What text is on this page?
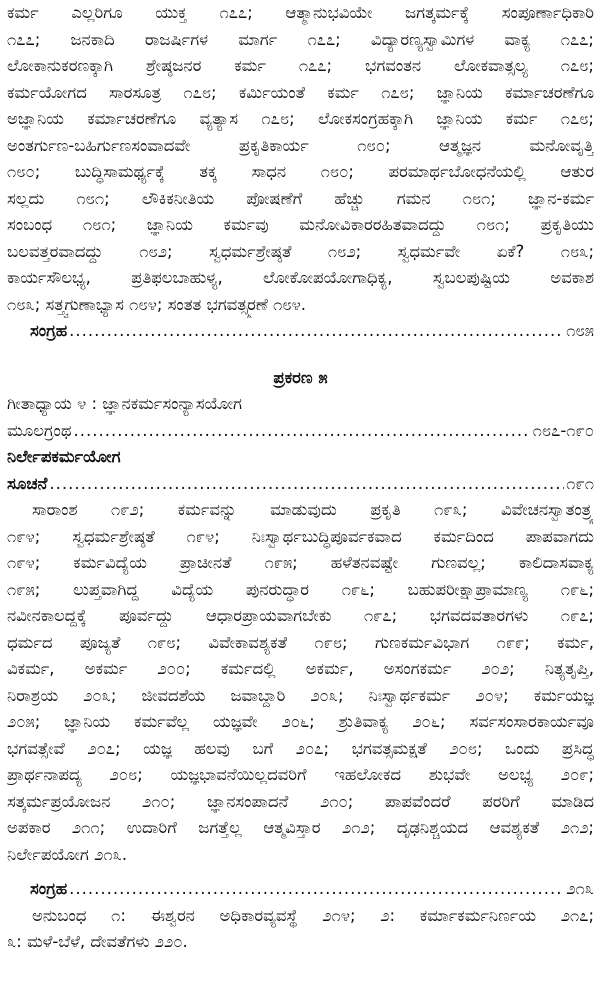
ಕರ್ಮ ಎಲ್ಲರಿಗೂ ಯುಕ್ತ ೧೭೭; ಆತ್ಮಾನುಭವಿಯೇ ಜಗತ್ಕರ್ಮಕ್ಕೆ ಸಂಪೂರ್ಣಾಧಿಕಾರಿ
೧೭೭; ಜನಕಾದಿ ರಾಜರ್ಷಿಗಳ ಮಾರ್ಗ ೧೭೭; ವಿದ್ಯಾರಣ್ಯಸ್ವಾಮಿಗಳ ವಾಕ್ಯ ೧೭೭;
ಲೋಕಾನುಕರಣಕ್ಕಾಗಿ ಶ್ರೇಷ್ಠಜನರ ಕರ್ಮ ೧೭೭; ಭಗವಂತನ ಲೋಕವಾತ್ಸಲ್ಯ ೧೭೮;
ಕರ್ಮಯೋಗದ ಸಾರಸೂತ್ರ ೧೭೮; ಕರ್ಮಿಯಂತೆ ಕರ್ಮ ೧೭೮; ಜ್ಞಾನಿಯ ಕರ್ಮಾಚರಣೆಗೂ
ಅಜ್ಞಾನಿಯ ಕರ್ಮಾಚರಣೆಗೂ ವ್ಯತ್ಯಾಸ ೧೭೮; ಲೋಕಸಂಗ್ರಹಕ್ಕಾಗಿ ಜ್ಞಾನಿಯ ಕರ್ಮ ೧೭೮;
ಅಂತರ್ಗುಣ-ಬಹಿರ್ಗುಣಸಂವಾದವೇ ಪ್ರಕೃತಿಕಾರ್ಯ ೧೮೦; ಆತ್ಮಜ್ಞನ ಮನೋವೃತ್ತಿ
೧೮೦; ಬುದ್ಧಿಸಾಮರ್ಥ್ಯಕ್ಕೆ ತಕ್ಕ ಸಾಧನ ೧೮೦; ಪರಮಾರ್ಥಬೋಧನೆಯಲ್ಲಿ ಆತುರ
ಸಲ್ಲದು ೧೮೧; ಲೌಕಿಕನೀತಿಯ ಪೋಷಣೆಗೆ ಹೆಚ್ಚು ಗಮನ ೧೮೧; ಜ್ಞಾನ-ಕರ್ಮ
ಸಂಬಂಧ ೧೮೧; ಜ್ಞಾನಿಯ ಕರ್ಮವು ಮನೋವಿಕಾರರಹಿತವಾದದ್ದು ೧೮೧; ಪ್ರಕೃತಿಯು
ಬಲವತ್ತರವಾದದ್ದು ೧೮೨; ಸ್ವಧರ್ಮಶ್ರೇಷ್ಠತೆ ೧೮೨; ಸ್ವಧರ್ಮವೇ ಏಕೆ? ೧೮೩;
ಕಾರ್ಯಸೌಲಭ್ಯ, ಪ್ರತಿಫಲಬಾಹುಳ್ಯ, ಲೋಕೋಪಯೋಗಾಧಿಕ್ಯ, ಸ್ವಬಲಪುಷ್ಟಿಯ ಅವಕಾಶ
೧೮೩; ಸತ್ತ್ವಗುಣಾಭ್ಯಾಸ ೧೮೪; ಸಂತತ ಭಗವತ್ಸ್ಮರಣೆ ೧೮೪.
ಸಂಗ್ರಹ .....	೧೮೫
ಪ್ರಕರಣ ೫
ಗೀತಾಧ್ಯಾಯ ೪ : ಜ್ಞಾನಕರ್ಮಸಂನ್ಯಾಸಯೋಗ
ಮೂಲಗ್ರಂಥ .....	೧೮೭-೧೯೦
ನಿರ್ಲೇಪಕರ್ಮಯೋಗ
ಸೂಚನೆ .....	೧೯೧
ಸಾರಾಂಶ ೧೯೨; ಕರ್ಮವನ್ನು ಮಾಡುವುದು ಪ್ರಕೃತಿ ೧೯೩; ವಿವೇಚನಸ್ವಾತಂತ್ರ್ಯ
೧೯೪; ಸ್ವಧರ್ಮಶ್ರೇಷ್ಠತೆ ೧೯೪; ನಿಃಸ್ವಾರ್ಥಬುದ್ಧಿಪೂರ್ವಕವಾದ ಕರ್ಮದಿಂದ ಪಾಪವಾಗದು
೧೯೪; ಕರ್ಮವಿದ್ಯೆಯ ಪ್ರಾಚೀನತೆ ೧೯೫; ಹಳೆತನವಷ್ಟೇ ಗುಣವಲ್ಲ; ಕಾಲಿದಾಸವಾಕ್ಯ
೧೯೫; ಲುಪ್ತವಾಗಿದ್ದ ವಿದ್ಯೆಯ ಪುನರುದ್ಧಾರ ೧೯೬; ಬಹುಪರೀಕ್ಷಾಪ್ರಾಮಾಣ್ಯ ೧೯೬;
ನವೀನಕಾಲದ್ದಕ್ಕೆ ಪೂರ್ವದ್ದು ಆಧಾರಪ್ರಾಯವಾಗಬೇಕು ೧೯೭; ಭಗವದವತಾರಗಳು ೧೯೭;
ಧರ್ಮದ ಪೂಜ್ಯತೆ ೧೯೮; ವಿವೇಕಾವಶ್ಯಕತೆ ೧೯೮; ಗುಣಕರ್ಮವಿಭಾಗ ೧೯೯; ಕರ್ಮ,
ವಿಕರ್ಮ, ಅಕರ್ಮ ೨೦೦; ಕರ್ಮದಲ್ಲಿ ಅಕರ್ಮ, ಅಸಂಗಕರ್ಮ ೨೦೨; ನಿತ್ಯತೃಪ್ತಿ,
ನಿರಾಶ್ರಯ ೨೦೩; ಜೀವದಶೆಯ ಜವಾಬ್ದಾರಿ ೨೦೩; ನಿಃಸ್ವಾರ್ಥಕರ್ಮ ೨೦೪; ಕರ್ಮಯಜ್ಞ
೨೦೫; ಜ್ಞಾನಿಯ ಕರ್ಮವೆಲ್ಲ ಯಜ್ಞವೇ ೨೦೬; ಶ್ರುತಿವಾಕ್ಯ ೨೦೬; ಸರ್ವಸಂಸಾರಕಾರ್ಯವೂ
ಭಗವತ್ಸೇವೆ ೨೦೭; ಯಜ್ಞ ಹಲವು ಬಗೆ ೨೦೭; ಭಗವತ್ಸಮಕ್ಷತೆ ೨೦೮; ಒಂದು ಪ್ರಸಿದ್ಧ
ಪ್ರಾರ್ಥನಾಪದ್ಯ ೨೦೮; ಯಜ್ಞಭಾವನೆಯಿಲ್ಲದವರಿಗೆ ಇಹಲೋಕದ ಶುಭವೇ ಅಲಭ್ಯ ೨೦೯;
ಸತ್ಕರ್ಮಪ್ರಯೋಜನ ೨೧೦; ಜ್ಞಾನಸಂಪಾದನೆ ೨೧೦; ಪಾಪವೆಂದರೆ ಪರರಿಗೆ ಮಾಡಿದ
ಅಪಕಾರ ೨೧೧; ಉದಾರಿಗೆ ಜಗತ್ತೆಲ್ಲ ಆತ್ಮವಿಸ್ತಾರ ೨೧೨; ದೃಢನಿಶ್ಚಯದ ಆವಶ್ಯಕತೆ ೨೧೨;
ನಿರ್ಲೇಪಯೋಗ ೨೧೩.
ಸಂಗ್ರಹ .....	೨೧೩
ಅನುಬಂಧ ೧: ಈಶ್ವರನ ಅಧಿಕಾರವ್ಯವಸ್ಥೆ ೨೧೪; ೨: ಕರ್ಮಾಕರ್ಮನಿರ್ಣಯ ೨೧೭;
೩: ಮಳೆ-ಬೆಳೆ, ದೇವತೆಗಳು ೨೨೦.
